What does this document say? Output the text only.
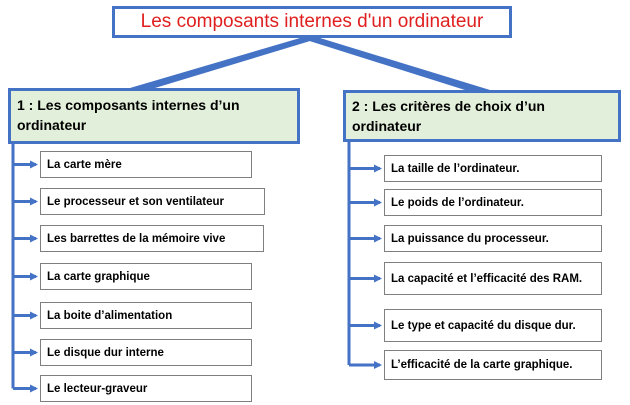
Les composants internes d'un ordinateur
1 : Les composants internes d’un ordinateur
2 : Les critères de choix d’un ordinateur
La carte mère
Le processeur et son ventilateur
Les barrettes de la mémoire vive
La carte graphique
La boite d’alimentation
Le disque dur interne
Le lecteur-graveur
La taille de l’ordinateur.
Le poids de l’ordinateur.
La puissance du processeur.
La capacité et l’efficacité des RAM.
Le type et capacité du disque dur.
L’efficacité de la carte graphique.
